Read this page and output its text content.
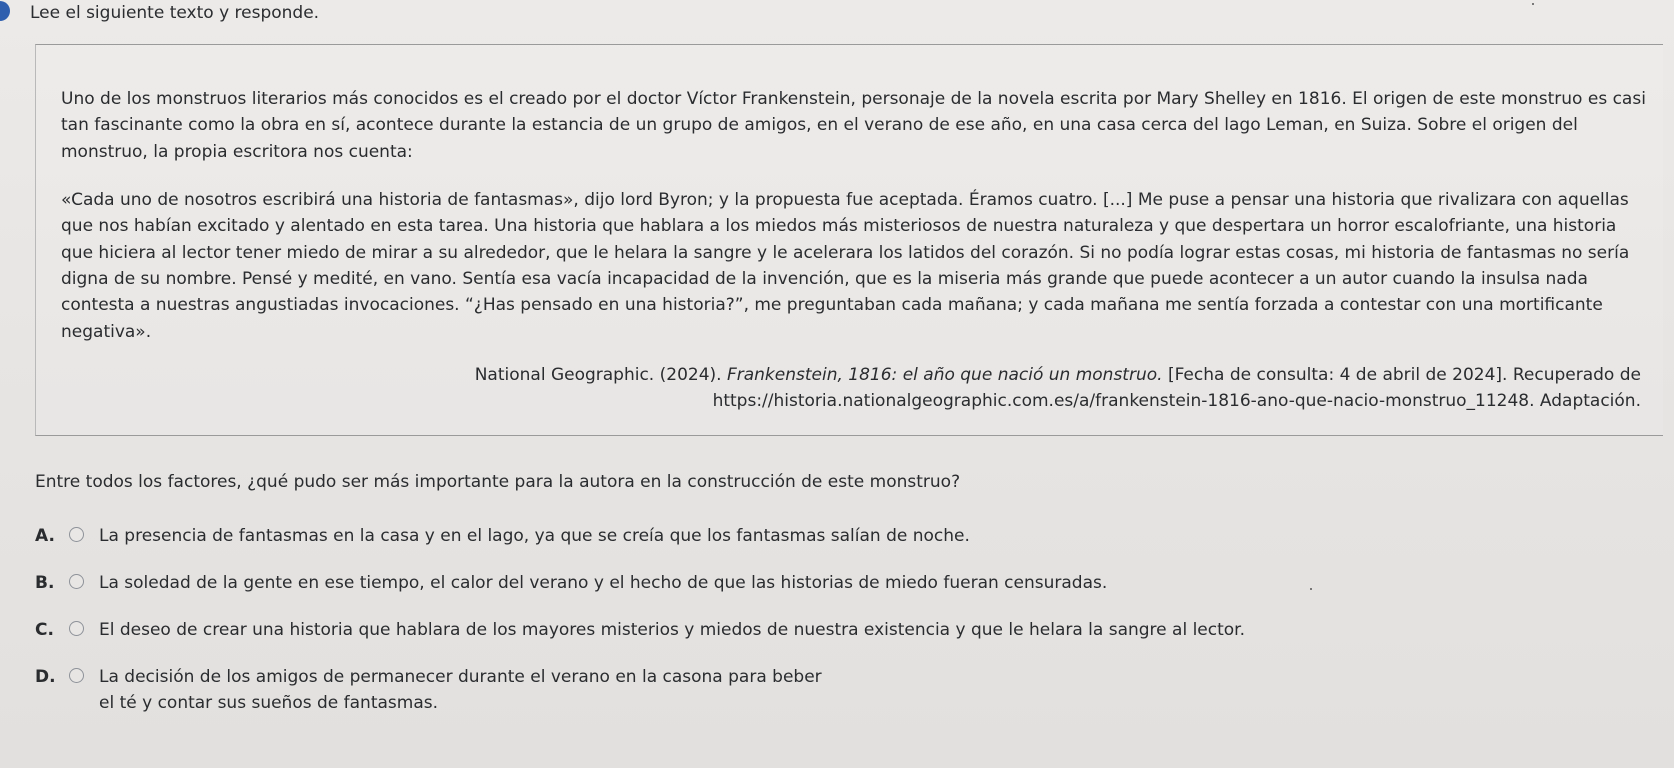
Lee el siguiente texto y responde.

Uno de los monstruos literarios más conocidos es el creado por el doctor Víctor Frankenstein, personaje de la novela escrita por Mary Shelley en 1816. El origen de este monstruo es casi tan fascinante como la obra en sí, acontece durante la estancia de un grupo de amigos, en el verano de ese año, en una casa cerca del lago Leman, en Suiza. Sobre el origen del monstruo, la propia escritora nos cuenta:

«Cada uno de nosotros escribirá una historia de fantasmas», dijo lord Byron; y la propuesta fue aceptada. Éramos cuatro. [...] Me puse a pensar una historia que rivalizara con aquellas que nos habían excitado y alentado en esta tarea. Una historia que hablara a los miedos más misteriosos de nuestra naturaleza y que despertara un horror escalofriante, una historia que hiciera al lector tener miedo de mirar a su alrededor, que le helara la sangre y le acelerara los latidos del corazón. Si no podía lograr estas cosas, mi historia de fantasmas no sería digna de su nombre. Pensé y medité, en vano. Sentía esa vacía incapacidad de la invención, que es la miseria más grande que puede acontecer a un autor cuando la insulsa nada contesta a nuestras angustiadas invocaciones. “¿Has pensado en una historia?”, me preguntaban cada mañana; y cada mañana me sentía forzada a contestar con una mortificante negativa».

National Geographic. (2024). Frankenstein, 1816: el año que nació un monstruo. [Fecha de consulta: 4 de abril de 2024]. Recuperado de https://historia.nationalgeographic.com.es/a/frankenstein-1816-ano-que-nacio-monstruo_11248. Adaptación.

Entre todos los factores, ¿qué pudo ser más importante para la autora en la construcción de este monstruo?

A.	La presencia de fantasmas en la casa y en el lago, ya que se creía que los fantasmas salían de noche.
B.	La soledad de la gente en ese tiempo, el calor del verano y el hecho de que las historias de miedo fueran censuradas.
C.	El deseo de crear una historia que hablara de los mayores misterios y miedos de nuestra existencia y que le helara la sangre al lector.
D.	La decisión de los amigos de permanecer durante el verano en la casona para beber el té y contar sus sueños de fantasmas.
